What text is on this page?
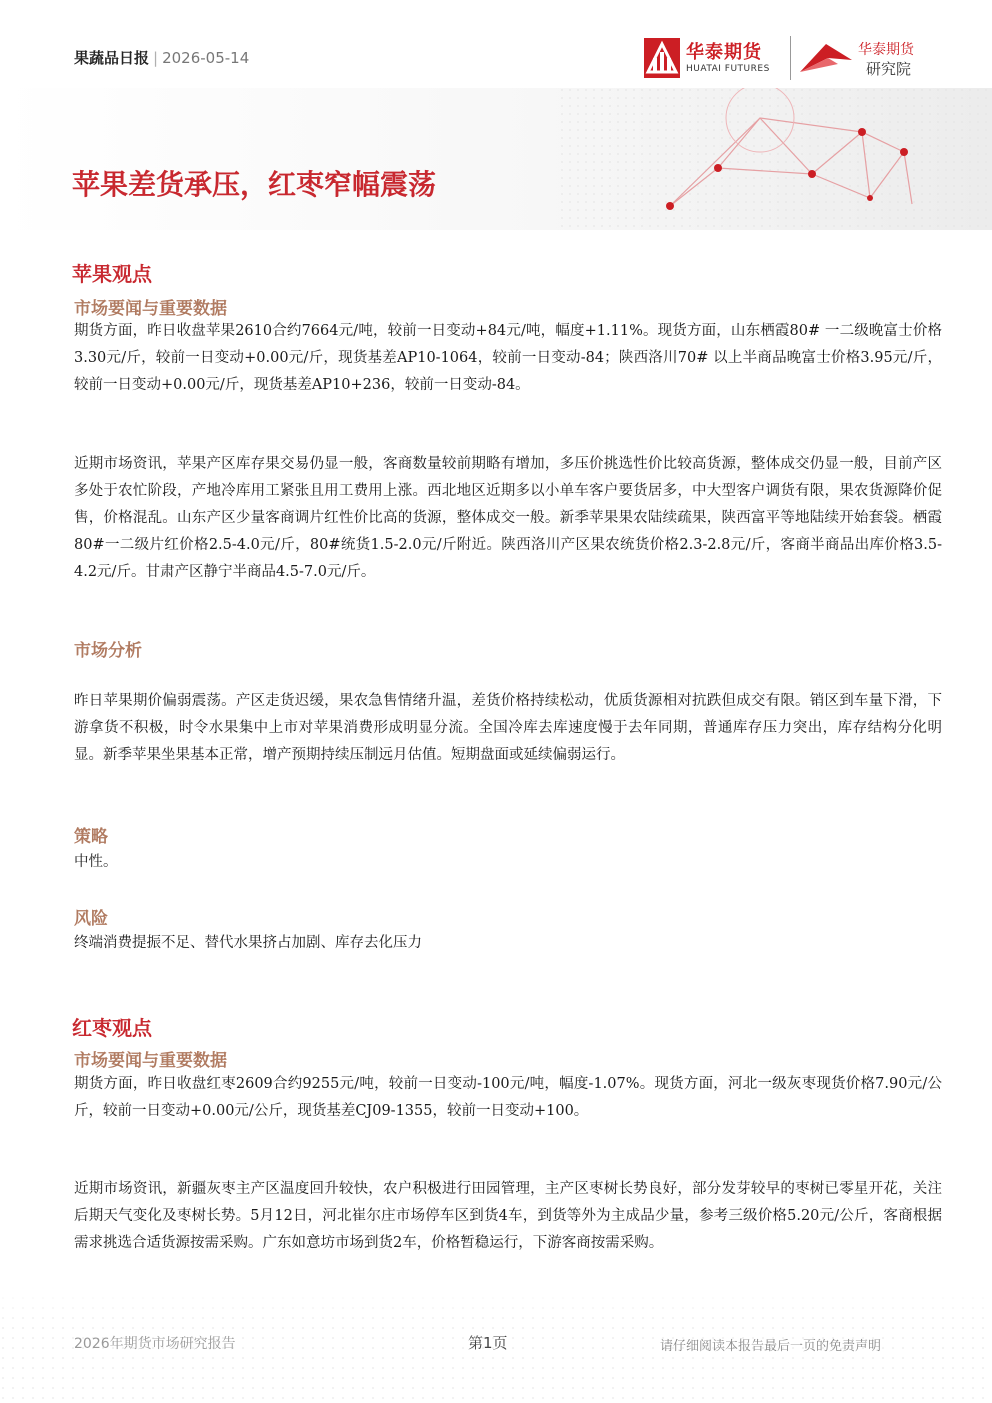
果蔬品日报 | 2026-05-14	华泰期货
HUATAI FUTURES
华泰期货
研究院
苹果差货承压，红枣窄幅震荡
苹果观点
市场要闻与重要数据
期货方面，昨日收盘苹果2610合约7664元/吨，较前一日变动+84元/吨，幅度+1.11%。现货方面，山东栖霞80# 一二级晚富士价格3.30元/斤，较前一日变动+0.00元/斤，现货基差AP10-1064，较前一日变动-84；陕西洛川70# 以上半商品晚富士价格3.95元/斤，较前一日变动+0.00元/斤，现货基差AP10+236，较前一日变动-84。
近期市场资讯，苹果产区库存果交易仍显一般，客商数量较前期略有增加，多压价挑选性价比较高货源，整体成交仍显一般，目前产区多处于农忙阶段，产地冷库用工紧张且用工费用上涨。西北地区近期多以小单车客户要货居多，中大型客户调货有限，果农货源降价促售，价格混乱。山东产区少量客商调片红性价比高的货源，整体成交一般。新季苹果果农陆续疏果，陕西富平等地陆续开始套袋。栖霞80#一二级片红价格2.5-4.0元/斤，80#统货1.5-2.0元/斤附近。陕西洛川产区果农统货价格2.3-2.8元/斤，客商半商品出库价格3.5-4.2元/斤。甘肃产区静宁半商品4.5-7.0元/斤。
市场分析
昨日苹果期价偏弱震荡。产区走货迟缓，果农急售情绪升温，差货价格持续松动，优质货源相对抗跌但成交有限。销区到车量下滑，下游拿货不积极，时令水果集中上市对苹果消费形成明显分流。全国冷库去库速度慢于去年同期，普通库存压力突出，库存结构分化明显。新季苹果坐果基本正常，增产预期持续压制远月估值。短期盘面或延续偏弱运行。
策略
中性。
风险
终端消费提振不足、替代水果挤占加剧、库存去化压力
红枣观点
市场要闻与重要数据
期货方面，昨日收盘红枣2609合约9255元/吨，较前一日变动-100元/吨，幅度-1.07%。现货方面，河北一级灰枣现货价格7.90元/公斤，较前一日变动+0.00元/公斤，现货基差CJ09-1355，较前一日变动+100。
近期市场资讯，新疆灰枣主产区温度回升较快，农户积极进行田园管理，主产区枣树长势良好，部分发芽较早的枣树已零星开花，关注后期天气变化及枣树长势。5月12日，河北崔尔庄市场停车区到货4车，到货等外为主成品少量，参考三级价格5.20元/公斤，客商根据需求挑选合适货源按需采购。广东如意坊市场到货2车，价格暂稳运行，下游客商按需采购。
2026年期货市场研究报告	第1页	请仔细阅读本报告最后一页的免责声明
